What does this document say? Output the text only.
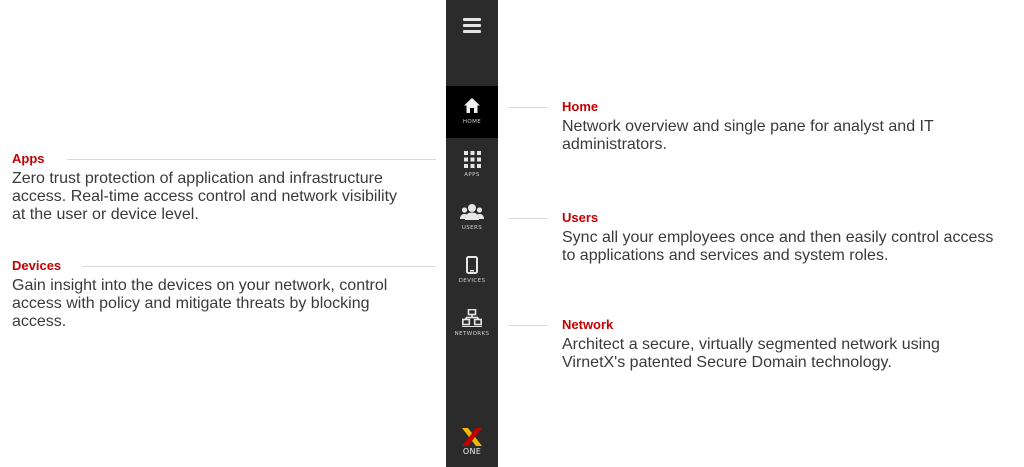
HOME
APPS
USERS
DEVICES
NETWORKS
ONE
Apps
Zero trust protection of application and infrastructure access. Real-time access control and network visibility at the user or device level.
Devices
Gain insight into the devices on your network, control access with policy and mitigate threats by blocking access.
Home
Network overview and single pane for analyst and IT administrators.
Users
Sync all your employees once and then easily control access to applications and services and system roles.
Network
Architect a secure, virtually segmented network using VirnetX's patented Secure Domain technology.
